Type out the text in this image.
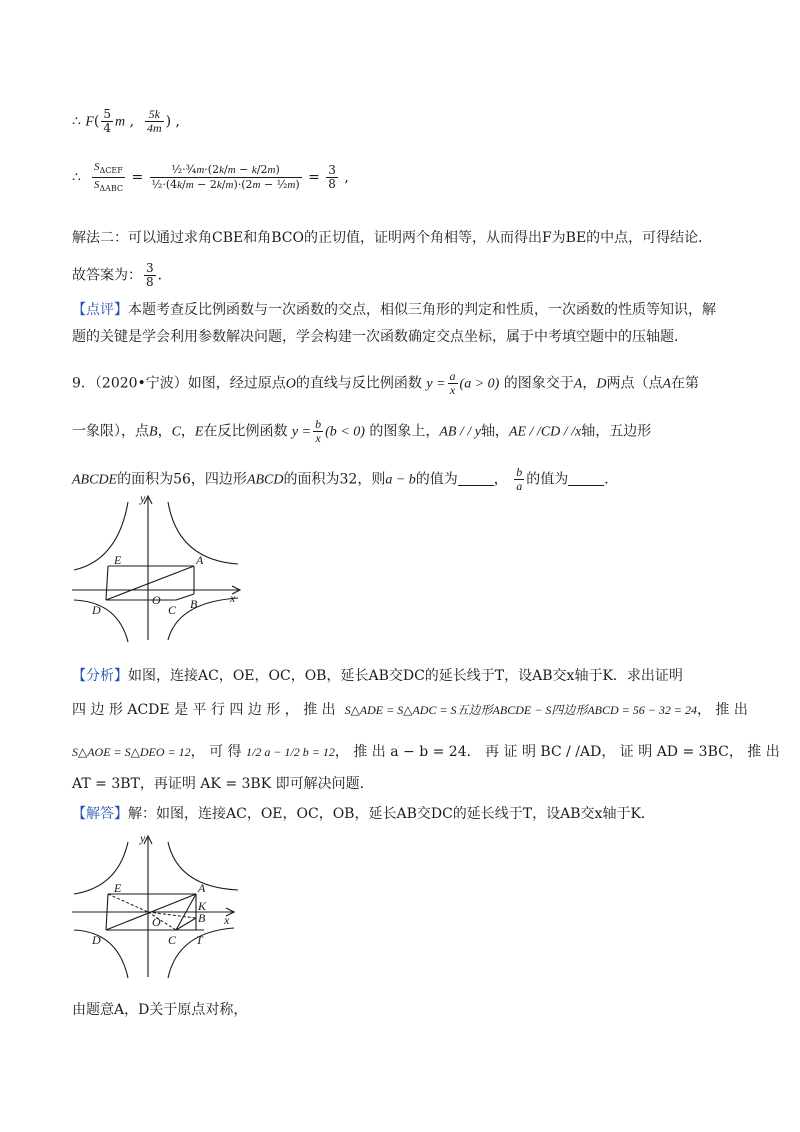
∴ $F( \frac{5}{4}$ m , $\frac{5k}{4m}$ ) ,
∴ $\frac{S_{\Delta CEF}}{S_{\Delta ABC}} = \frac{\text{½·¾m·(2k/m − k/2m)}}{\text{½·(4k/m − 2k/m)·(2m − ½m)}} = \frac{3}{8}$ ,
解法二：可以通过求角CBE和角BCO的正切值，证明两个角相等，从而得出F为BE的中点，可得结论．
故答案为： $\frac{3}{8}$ ．
【点评】本题考查反比例函数与一次函数的交点，相似三角形的判定和性质，一次函数的性质等知识，解
题的关键是学会利用参数解决问题，学会构建一次函数确定交点坐标，属于中考填空题中的压轴题．
9．（2020•宁波）如图，经过原点O的直线与反比例函数 $y = \frac{a}{x} (a > 0)$ 的图象交于A，D两点（点A在第
一象限），点B，C，E在反比例函数 $y = \frac{b}{x} (b < 0)$ 的图象上，AB / / y轴，AE / /CD / /x轴，五边形
ABCDE的面积为56，四边形ABCD的面积为32，则a − b的值为	， $\frac{b}{a}$ 的值为	．
y
x
E	A
O
D	C B
【分析】如图，连接AC，OE，OC，OB，延长AB交DC的延长线于T，设AB交x轴于K．求出证明
四 边 形 ACDE 是 平 行 四 边 形 ， 推 出 S△ADE = S△ADC = S五边形ABCDE − S四边形ABCD = 56 − 32 = 24， 推 出
S△AOE = S△DEO = 12， 可 得 1/2 a − 1/2 b = 12， 推 出 a − b = 24． 再 证 明 BC / /AD， 证 明 AD = 3BC， 推 出
AT = 3BT，再证明 AK = 3BK 即可解决问题．
【解答】解：如图，连接AC，OE，OC，OB，延长AB交DC的延长线于T，设AB交x轴于K．
y
x
E	A
O
D	C
B
K
T
由题意A，D关于原点对称，
